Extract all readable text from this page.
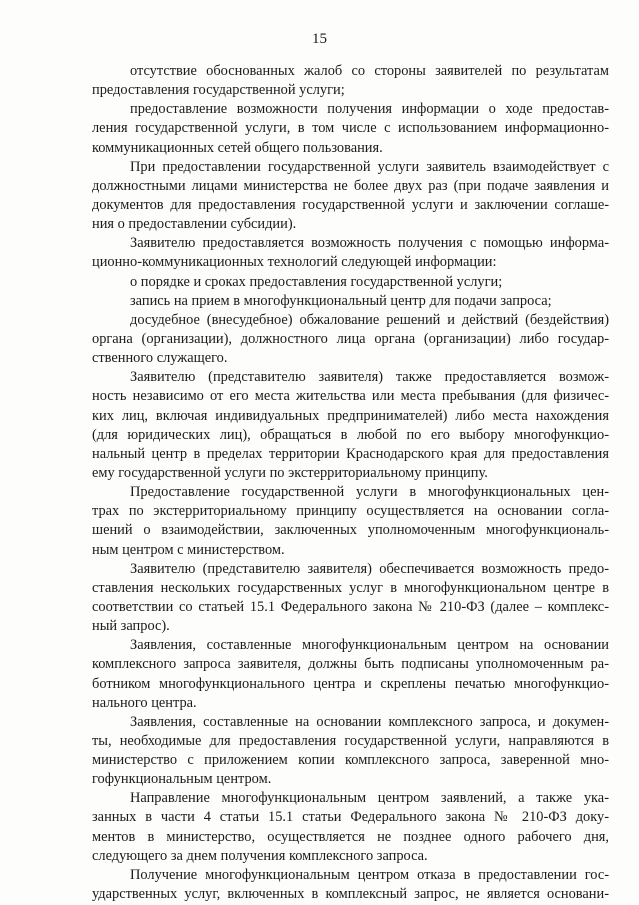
15
отсутствие обоснованных жалоб со стороны заявителей по результатам
предоставления государственной услуги;
предоставление возможности получения информации о ходе предостав-
ления государственной услуги, в том числе с использованием информационно-
коммуникационных сетей общего пользования.
При предоставлении государственной услуги заявитель взаимодействует с
должностными лицами министерства не более двух раз (при подаче заявления и
документов для предоставления государственной услуги и заключении соглаше-
ния о предоставлении субсидии).
Заявителю предоставляется возможность получения с помощью информа-
ционно-коммуникационных технологий следующей информации:
о порядке и сроках предоставления государственной услуги;
запись на прием в многофункциональный центр для подачи запроса;
досудебное (внесудебное) обжалование решений и действий (бездействия)
органа (организации), должностного лица органа (организации) либо государ-
ственного служащего.
Заявителю (представителю заявителя) также предоставляется возмож-
ность независимо от его места жительства или места пребывания (для физичес-
ких лиц, включая индивидуальных предпринимателей) либо места нахождения
(для юридических лиц), обращаться в любой по его выбору многофункцио-
нальный центр в пределах территории Краснодарского края для предоставления
ему государственной услуги по экстерриториальному принципу.
Предоставление государственной услуги в многофункциональных цен-
трах по экстерриториальному принципу осуществляется на основании согла-
шений о взаимодействии, заключенных уполномоченным многофункциональ-
ным центром с министерством.
Заявителю (представителю заявителя) обеспечивается возможность предо-
ставления нескольких государственных услуг в многофункциональном центре в
соответствии со статьей 15.1 Федерального закона № 210-ФЗ (далее – комплекс-
ный запрос).
Заявления, составленные многофункциональным центром на основании
комплексного запроса заявителя, должны быть подписаны уполномоченным ра-
ботником многофункционального центра и скреплены печатью многофункцио-
нального центра.
Заявления, составленные на основании комплексного запроса, и докумен-
ты, необходимые для предоставления государственной услуги, направляются в
министерство с приложением копии комплексного запроса, заверенной мно-
гофункциональным центром.
Направление многофункциональным центром заявлений, а также ука-
занных в части 4 статьи 15.1 статьи Федерального закона № 210-ФЗ доку-
ментов в министерство, осуществляется не позднее одного рабочего дня,
следующего за днем получения комплексного запроса.
Получение многофункциональным центром отказа в предоставлении гос-
ударственных услуг, включенных в комплексный запрос, не является основани-
